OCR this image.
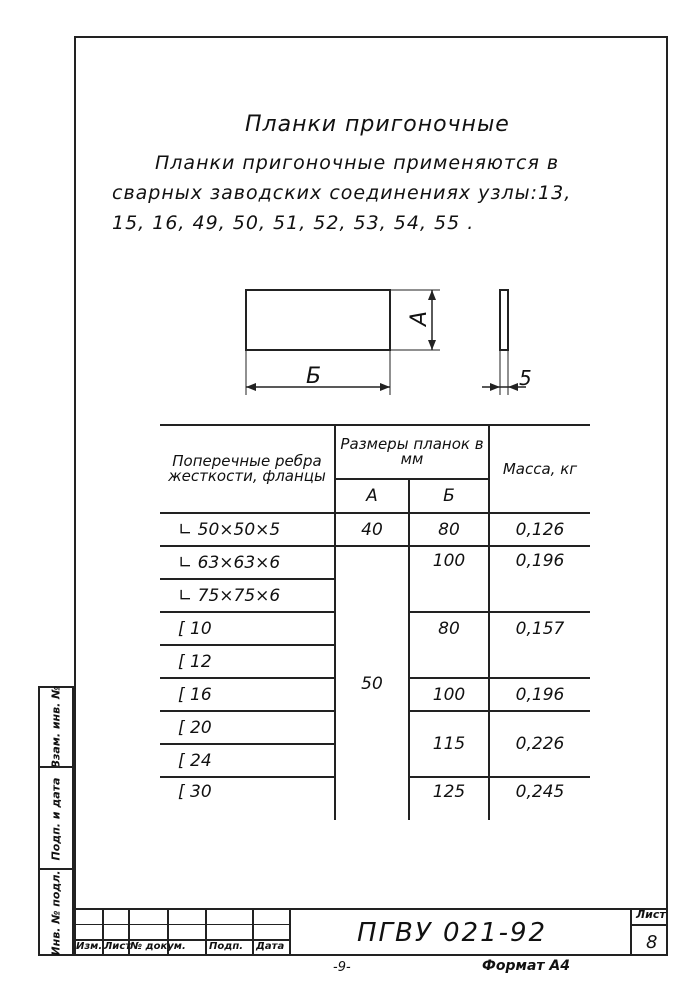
Планки пригоночные
Планки пригоночные применяются в
сварных заводских соединениях узлы:13,
15, 16, 49, 50, 51, 52, 53, 54, 55 .
А
Б	5
Поперечные ребра жесткости, фланцы	Размеры планок в мм		Масса, кг
	А	Б	
∟ 50×50×5	40	80	0,126
∟ 63×63×6	50	100	0,196
∟ 75×75×6			
[ 10		80	0,157
[ 12			
[ 16		100	0,196
[ 20		115	0,226
[ 24			
[ 30		125	0,245
Взам. инв. №
Подп. и дата
Инв. № подл. Изм. Лист
№ докум. Подп. Дата	ПГВУ 021-92
Лист
8
-9-	Формат А4
